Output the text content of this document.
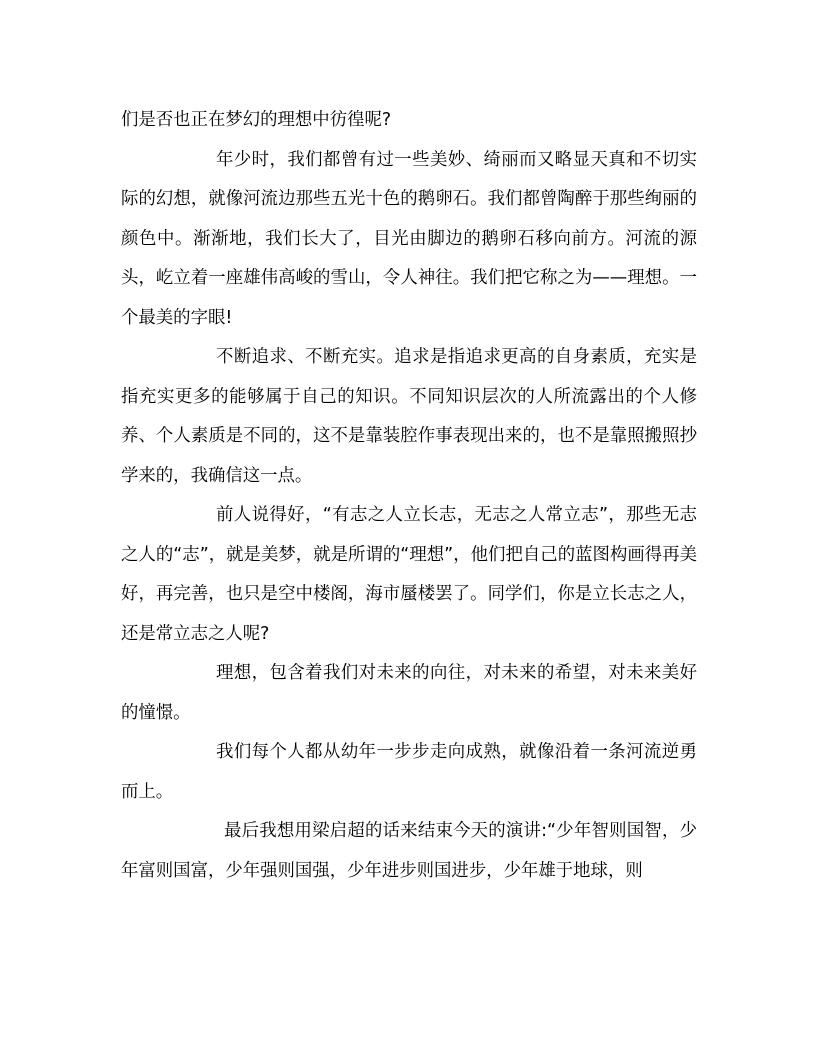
们是否也正在梦幻的理想中彷徨呢?

年少时，我们都曾有过一些美妙、绮丽而又略显天真和不切实际的幻想，就像河流边那些五光十色的鹅卵石。我们都曾陶醉于那些绚丽的颜色中。渐渐地，我们长大了，目光由脚边的鹅卵石移向前方。河流的源头，屹立着一座雄伟高峻的雪山，令人神往。我们把它称之为——理想。一个最美的字眼!

不断追求、不断充实。追求是指追求更高的自身素质，充实是指充实更多的能够属于自己的知识。不同知识层次的人所流露出的个人修养、个人素质是不同的，这不是靠装腔作事表现出来的，也不是靠照搬照抄学来的，我确信这一点。

前人说得好，“有志之人立长志，无志之人常立志”，那些无志之人的“志”，就是美梦，就是所谓的“理想”，他们把自己的蓝图构画得再美好，再完善，也只是空中楼阁，海市蜃楼罢了。同学们，你是立长志之人，还是常立志之人呢?

理想，包含着我们对未来的向往，对未来的希望，对未来美好的憧憬。

我们每个人都从幼年一步步走向成熟，就像沿着一条河流逆勇而上。

最后我想用梁启超的话来结束今天的演讲:“少年智则国智，少年富则国富，少年强则国强，少年进步则国进步，少年雄于地球，则
